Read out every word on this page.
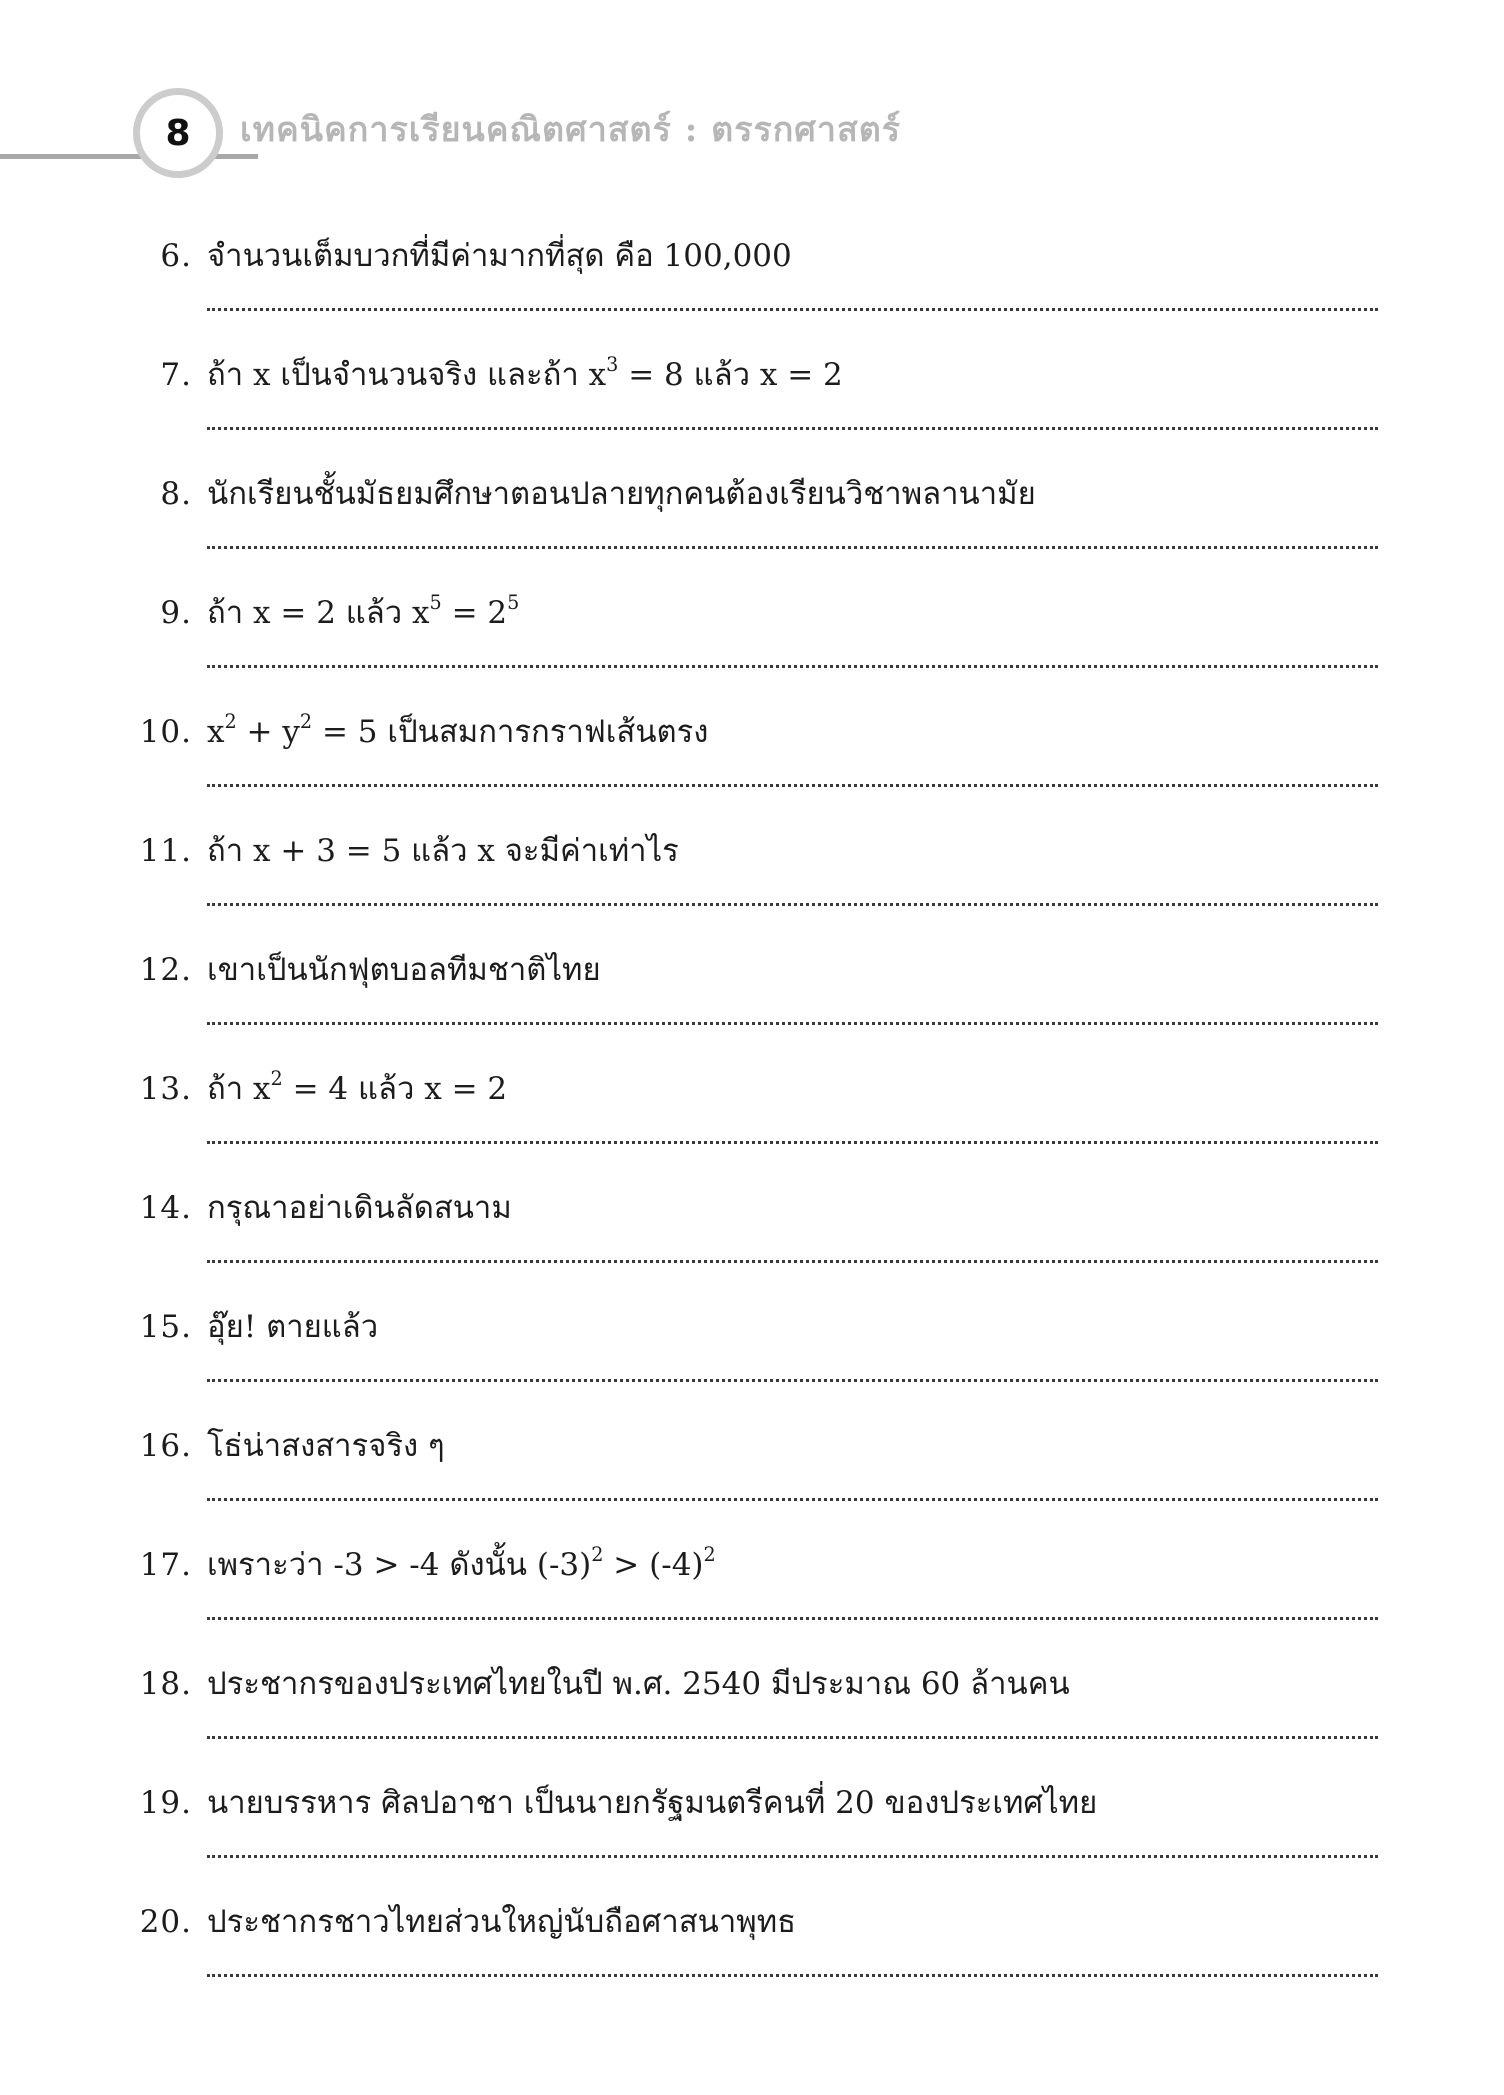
8 เทคนิคการเรียนคณิตศาสตร์ : ตรรกศาสตร์
6. จำนวนเต็มบวกที่มีค่ามากที่สุด คือ 100,000
7. ถ้า x เป็นจำนวนจริง และถ้า $x^3 = 8$ แล้ว x = 2
8. นักเรียนชั้นมัธยมศึกษาตอนปลายทุกคนต้องเรียนวิชาพลานามัย
9. ถ้า x = 2 แล้ว $x^5 = 2^5$
10. $x^2 + y^2 = 5$ เป็นสมการกราฟเส้นตรง
11. ถ้า x + 3 = 5 แล้ว x จะมีค่าเท่าไร
12. เขาเป็นนักฟุตบอลทีมชาติไทย
13. ถ้า $x^2 = 4$ แล้ว x = 2
14. กรุณาอย่าเดินลัดสนาม
15. อุ๊ย! ตายแล้ว
16. โธ่น่าสงสารจริง ๆ
17. เพราะว่า -3 > -4 ดังนั้น $(-3)^2 > (-4)^2$
18. ประชากรของประเทศไทยในปี พ.ศ. 2540 มีประมาณ 60 ล้านคน
19. นายบรรหาร ศิลปอาชา เป็นนายกรัฐมนตรีคนที่ 20 ของประเทศไทย
20. ประชากรชาวไทยส่วนใหญ่นับถือศาสนาพุทธ
